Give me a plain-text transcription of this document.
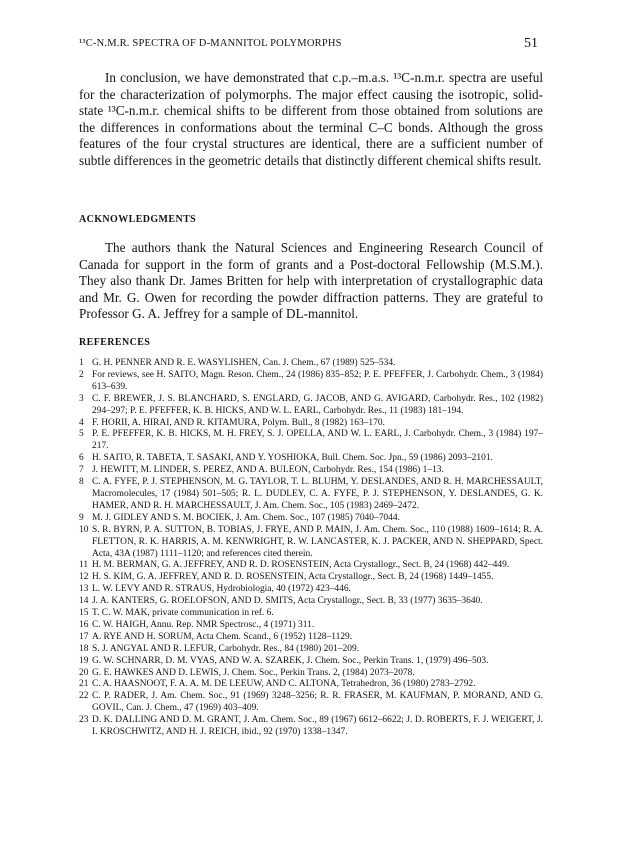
¹³C-N.M.R. SPECTRA OF D-MANNITOL POLYMORPHS	51

In conclusion, we have demonstrated that c.p.–m.a.s. ¹³C-n.m.r. spectra are useful for the characterization of polymorphs. The major effect causing the isotropic, solid-state ¹³C-n.m.r. chemical shifts to be different from those obtained from solutions are the differences in conformations about the terminal C–C bonds. Although the gross features of the four crystal structures are identical, there are a sufficient number of subtle differences in the geometric details that distinctly different chemical shifts result.

ACKNOWLEDGMENTS

The authors thank the Natural Sciences and Engineering Research Council of Canada for support in the form of grants and a Post-doctoral Fellowship (M.S.M.). They also thank Dr. James Britten for help with interpretation of crystallographic data and Mr. G. Owen for recording the powder diffraction patterns. They are grateful to Professor G. A. Jeffrey for a sample of DL-mannitol.

REFERENCES
1 G. H. PENNER AND R. E. WASYLISHEN, Can. J. Chem., 67 (1989) 525–534.
2 For reviews, see H. SAITO, Magn. Reson. Chem., 24 (1986) 835–852; P. E. PFEFFER, J. Carbohydr. Chem., 3 (1984) 613–639.
3 C. F. BREWER, J. S. BLANCHARD, S. ENGLARD, G. JACOB, AND G. AVIGARD, Carbohydr. Res., 102 (1982) 294–297; P. E. PFEFFER, K. B. HICKS, AND W. L. EARL, Carbohydr. Res., 11 (1983) 181–194.
4 F. HORII, A. HIRAI, AND R. KITAMURA, Polym. Bull., 8 (1982) 163–170.
5 P. E. PFEFFER, K. B. HICKS, M. H. FREY, S. J. OPELLA, AND W. L. EARL, J. Carbohydr. Chem., 3 (1984) 197–217.
6 H. SAITO, R. TABETA, T. SASAKI, AND Y. YOSHIOKA, Bull. Chem. Soc. Jpn., 59 (1986) 2093–2101.
7 J. HEWITT, M. LINDER, S. PEREZ, AND A. BULEON, Carbohydr. Res., 154 (1986) 1–13.
8 C. A. FYFE, P. J. STEPHENSON, M. G. TAYLOR, T. L. BLUHM, Y. DESLANDES, AND R. H. MARCHESSAULT, Macromolecules, 17 (1984) 501–505; R. L. DUDLEY, C. A. FYFE, P. J. STEPHENSON, Y. DESLANDES, G. K. HAMER, AND R. H. MARCHESSAULT, J. Am. Chem. Soc., 105 (1983) 2469–2472.
9 M. J. GIDLEY AND S. M. BOCIEK, J. Am. Chem. Soc., 107 (1985) 7040–7044.
10 S. R. BYRN, P. A. SUTTON, B. TOBIAS, J. FRYE, AND P. MAIN, J. Am. Chem. Soc., 110 (1988) 1609–1614; R. A. FLETTON, R. K. HARRIS, A. M. KENWRIGHT, R. W. LANCASTER, K. J. PACKER, AND N. SHEPPARD, Spect. Acta, 43A (1987) 1111–1120; and references cited therein.
11 H. M. BERMAN, G. A. JEFFREY, AND R. D. ROSENSTEIN, Acta Crystallogr., Sect. B, 24 (1968) 442–449.
12 H. S. KIM, G. A. JEFFREY, AND R. D. ROSENSTEIN, Acta Crystallogr., Sect. B, 24 (1968) 1449–1455.
13 L. W. LEVY AND R. STRAUS, Hydrobiologia, 40 (1972) 423–446.
14 J. A. KANTERS, G. ROELOFSON, AND D. SMITS, Acta Crystallogr., Sect. B, 33 (1977) 3635–3640.
15 T. C. W. MAK, private communication in ref. 6.
16 C. W. HAIGH, Annu. Rep. NMR Spectrosc., 4 (1971) 311.
17 A. RYE AND H. SORUM, Acta Chem. Scand., 6 (1952) 1128–1129.
18 S. J. ANGYAL AND R. LEFUR, Carbohydr. Res., 84 (1980) 201–209.
19 G. W. SCHNARR, D. M. VYAS, AND W. A. SZAREK, J. Chem. Soc., Perkin Trans. 1, (1979) 496–503.
20 G. E. HAWKES AND D. LEWIS, J. Chem. Soc., Perkin Trans. 2, (1984) 2073–2078.
21 C. A. HAASNOOT, F. A. A. M. DE LEEUW, AND C. ALTONA, Tetrahedron, 36 (1980) 2783–2792.
22 C. P. RADER, J. Am. Chem. Soc., 91 (1969) 3248–3256; R. R. FRASER, M. KAUFMAN, P. MORAND, AND G. GOVIL, Can. J. Chem., 47 (1969) 403–409.
23 D. K. DALLING AND D. M. GRANT, J. Am. Chem. Soc., 89 (1967) 6612–6622; J. D. ROBERTS, F. J. WEIGERT, J. I. KROSCHWITZ, AND H. J. REICH, ibid., 92 (1970) 1338–1347.
